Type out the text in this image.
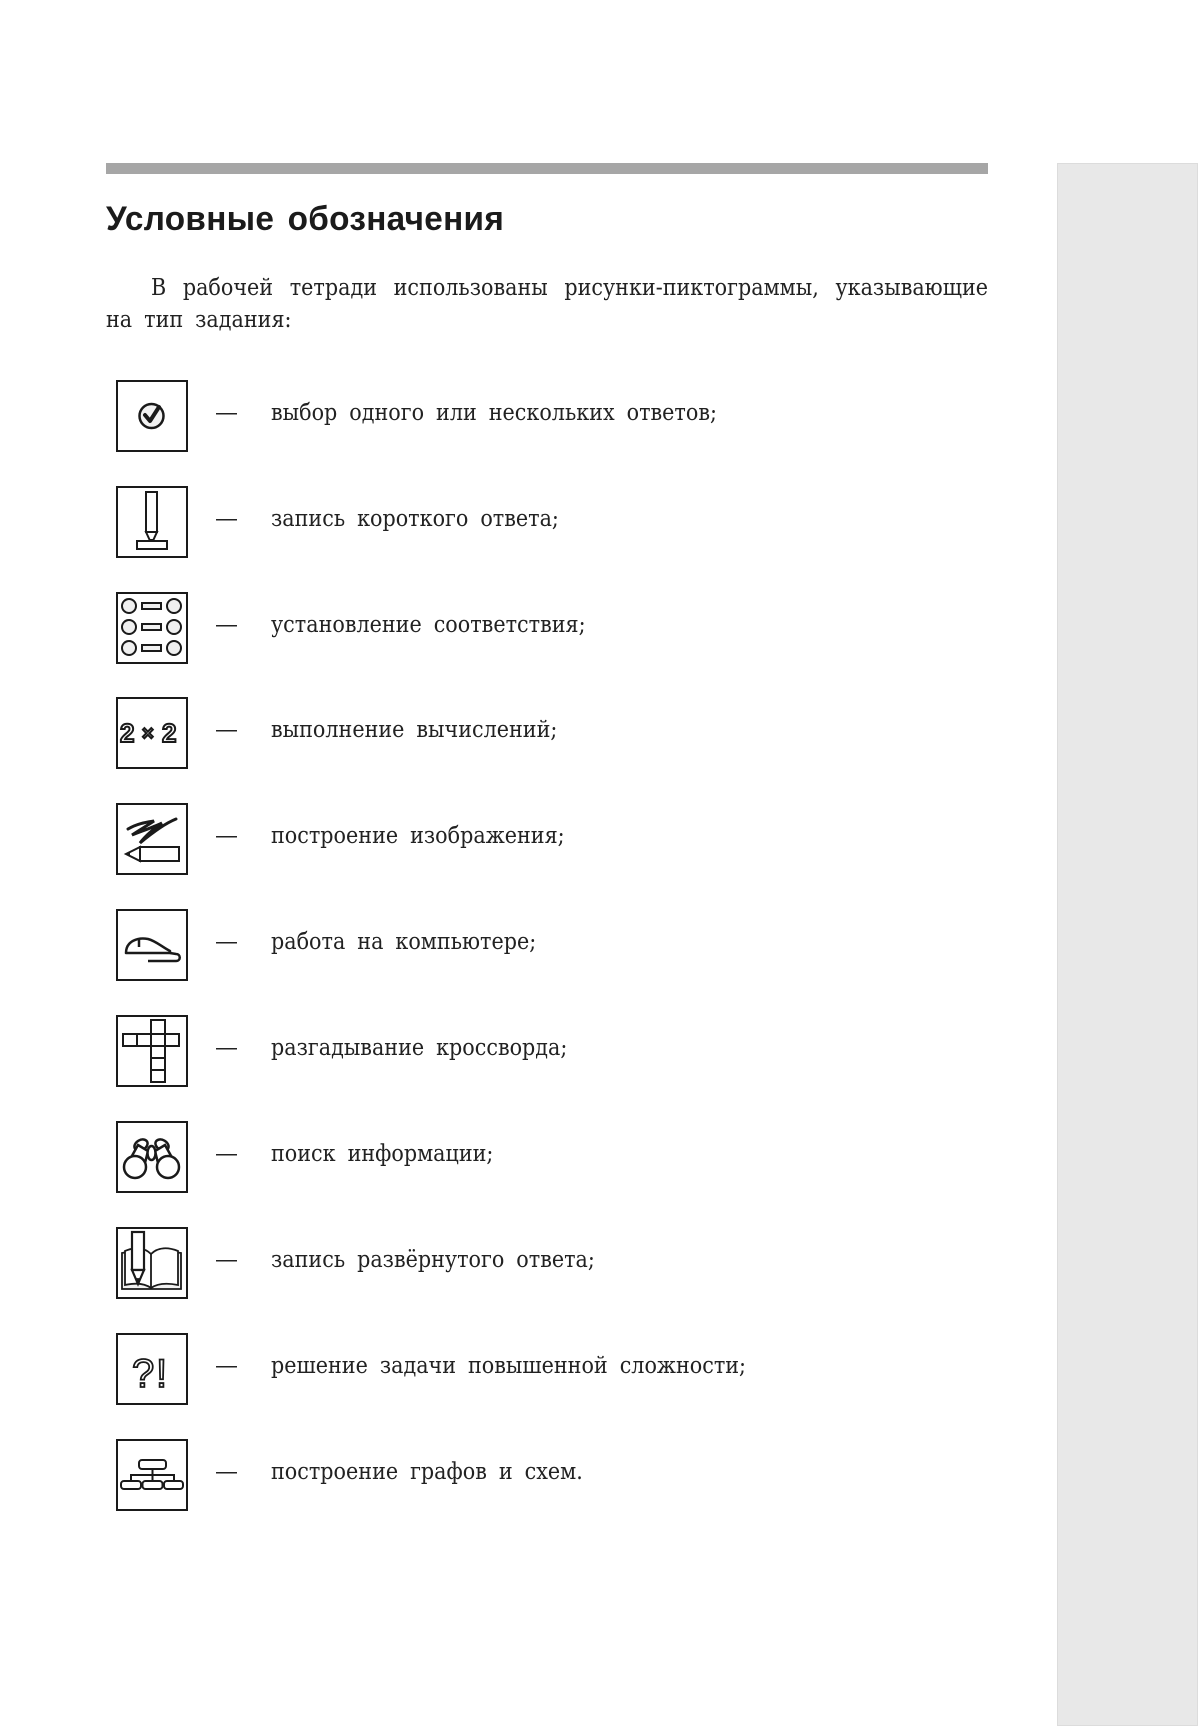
Условные обозначения

В рабочей тетради использованы рисунки-пиктограммы, указывающие на тип задания:

— выбор одного или нескольких ответов;
— запись короткого ответа;
— установление соответствия;
2 × 2 — выполнение вычислений;
— построение изображения;
— работа на компьютере;
— разгадывание кроссворда;
— поиск информации;
— запись развёрнутого ответа;
? ! — решение задачи повышенной сложности;
— построение графов и схем.
